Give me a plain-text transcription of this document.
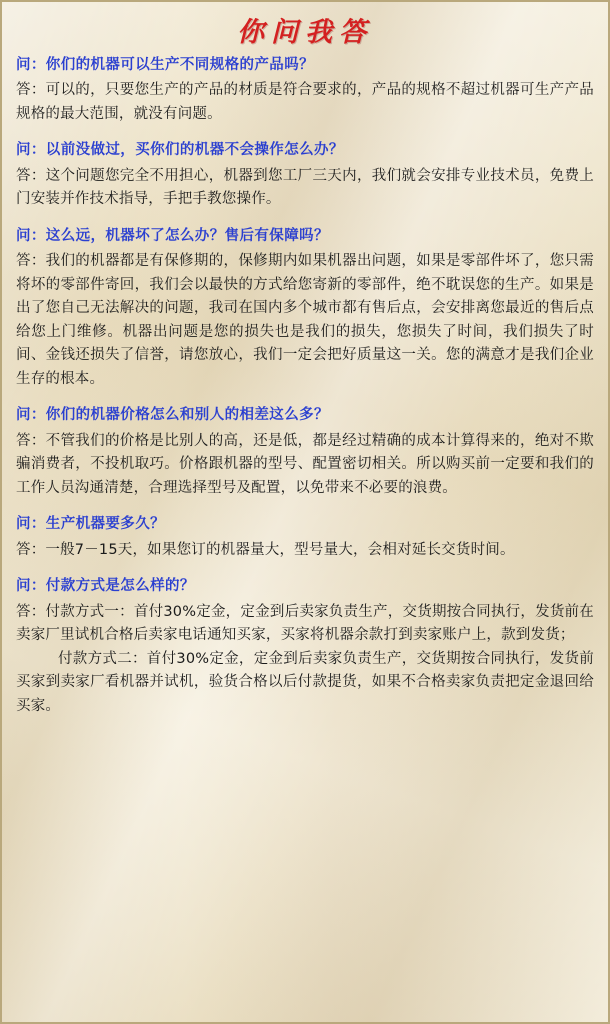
你问我答
问：你们的机器可以生产不同规格的产品吗？
答：可以的，只要您生产的产品的材质是符合要求的，产品的规格不超过机器可生产产品规格的最大范围，就没有问题。
问：以前没做过，买你们的机器不会操作怎么办？
答：这个问题您完全不用担心，机器到您工厂三天内，我们就会安排专业技术员，免费上门安装并作技术指导，手把手教您操作。
问：这么远，机器坏了怎么办？售后有保障吗？
答：我们的机器都是有保修期的，保修期内如果机器出问题，如果是零部件坏了，您只需将坏的零部件寄回，我们会以最快的方式给您寄新的零部件，绝不耽误您的生产。如果是出了您自己无法解决的问题，我司在国内多个城市都有售后点，会安排离您最近的售后点给您上门维修。机器出问题是您的损失也是我们的损失，您损失了时间，我们损失了时间、金钱还损失了信誉，请您放心，我们一定会把好质量这一关。您的满意才是我们企业生存的根本。
问：你们的机器价格怎么和别人的相差这么多？
答：不管我们的价格是比别人的高，还是低，都是经过精确的成本计算得来的，绝对不欺骗消费者，不投机取巧。价格跟机器的型号、配置密切相关。所以购买前一定要和我们的工作人员沟通清楚，合理选择型号及配置，以免带来不必要的浪费。
问：生产机器要多久？
答：一般7－15天，如果您订的机器量大，型号量大，会相对延长交货时间。
问：付款方式是怎么样的？
答：付款方式一：首付30%定金，定金到后卖家负责生产，交货期按合同执行，发货前在卖家厂里试机合格后卖家电话通知买家，买家将机器余款打到卖家账户上，款到发货；
付款方式二：首付30%定金，定金到后卖家负责生产，交货期按合同执行，发货前买家到卖家厂看机器并试机，验货合格以后付款提货，如果不合格卖家负责把定金退回给买家。
